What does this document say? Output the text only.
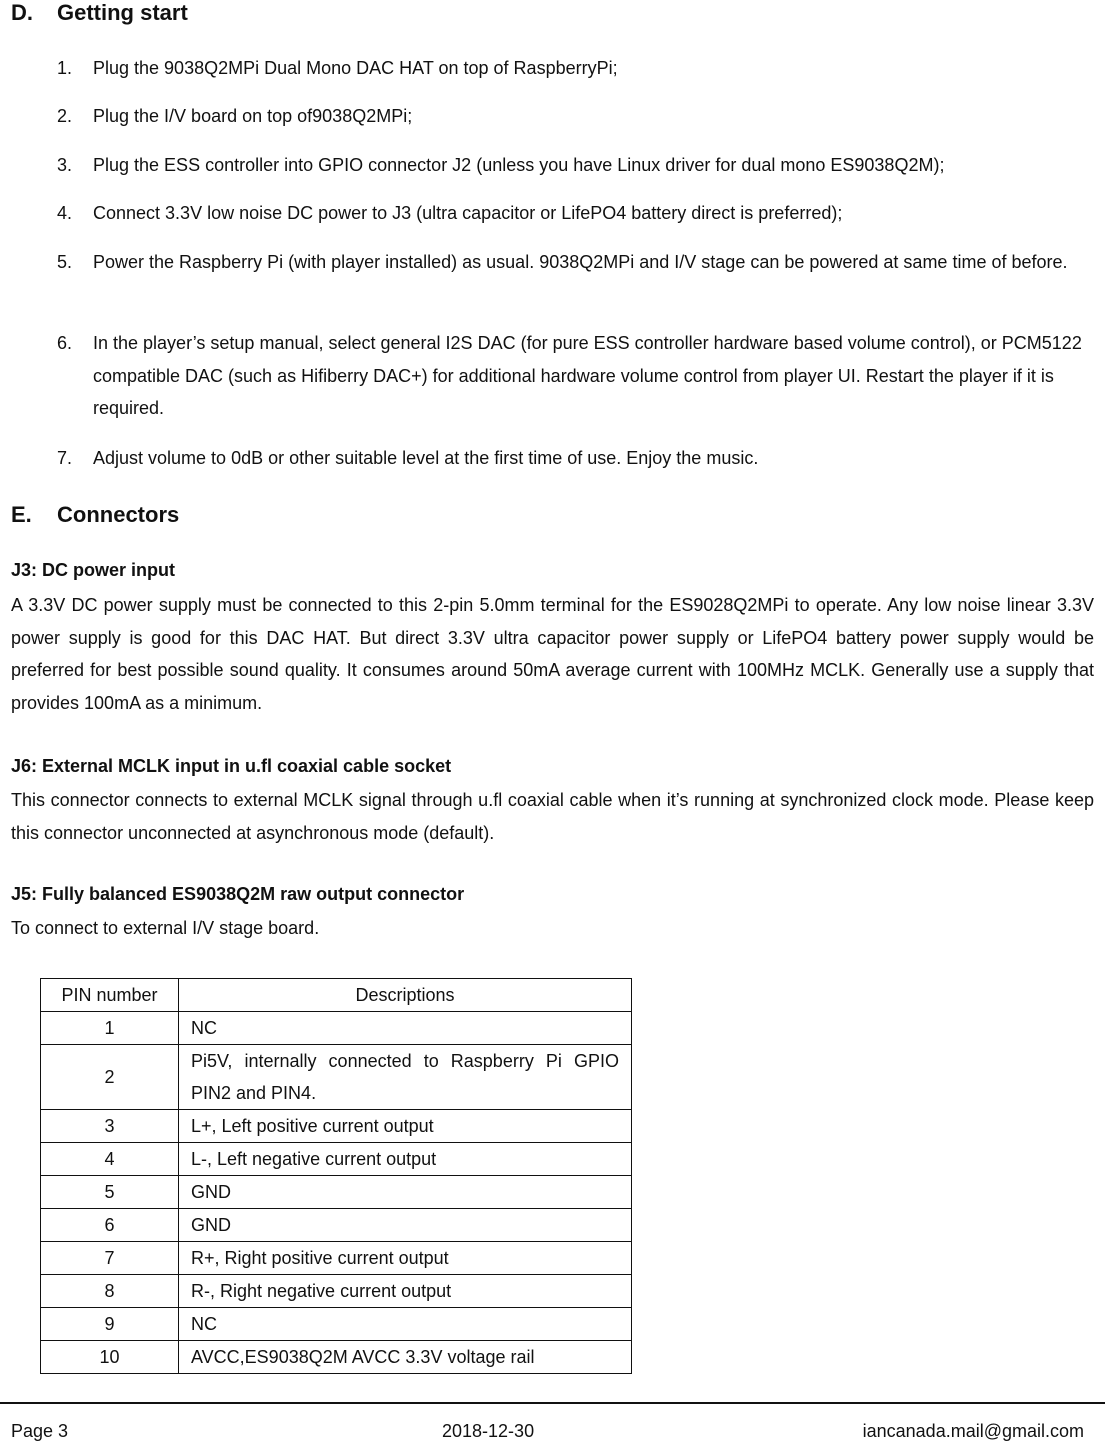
D. Getting start
1. Plug the 9038Q2MPi Dual Mono DAC HAT on top of RaspberryPi;
2. Plug the I/V board on top of9038Q2MPi;
3. Plug the ESS controller into GPIO connector J2 (unless you have Linux driver for dual mono ES9038Q2M);
4. Connect 3.3V low noise DC power to J3 (ultra capacitor or LifePO4 battery direct is preferred);
5. Power the Raspberry Pi (with player installed) as usual. 9038Q2MPi and I/V stage can be powered at same time of before.
6. In the player’s setup manual, select general I2S DAC (for pure ESS controller hardware based volume control), or PCM5122 compatible DAC (such as Hifiberry DAC+) for additional hardware volume control from player UI. Restart the player if it is required.
7. Adjust volume to 0dB or other suitable level at the first time of use. Enjoy the music.
E. Connectors
J3: DC power input
A 3.3V DC power supply must be connected to this 2-pin 5.0mm terminal for the ES9028Q2MPi to operate. Any low noise linear 3.3V power supply is good for this DAC HAT. But direct 3.3V ultra capacitor power supply or LifePO4 battery power supply would be preferred for best possible sound quality. It consumes around 50mA average current with 100MHz MCLK. Generally use a supply that provides 100mA as a minimum.
J6: External MCLK input in u.fl coaxial cable socket
This connector connects to external MCLK signal through u.fl coaxial cable when it’s running at synchronized clock mode. Please keep this connector unconnected at asynchronous mode (default).
J5: Fully balanced ES9038Q2M raw output connector
To connect to external I/V stage board.
PIN number	Descriptions
1	NC
2	Pi5V, internally connected to Raspberry Pi GPIO PIN2 and PIN4.
3	L+, Left positive current output
4	L-, Left negative current output
5	GND
6	GND
7	R+, Right positive current output
8	R-, Right negative current output
9	NC
10	AVCC,ES9038Q2M AVCC 3.3V voltage rail
Page 3	2018-12-30	iancanada.mail@gmail.com
